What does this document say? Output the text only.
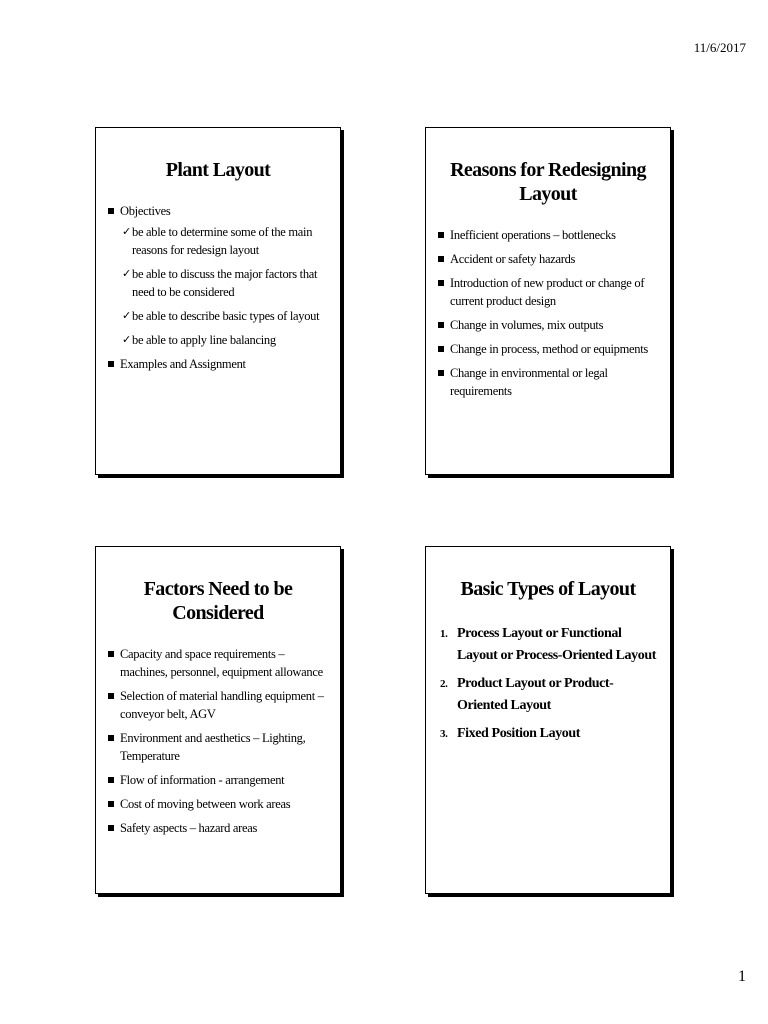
11/6/2017
Plant Layout
Objectives
✓ be able to determine some of the main reasons for redesign layout
✓ be able to discuss the major factors that need to be considered
✓ be able to describe basic types of layout
✓ be able to apply line balancing
Examples and Assignment
Reasons for Redesigning Layout
Inefficient operations – bottlenecks
Accident or safety hazards
Introduction of new product or change of current product design
Change in volumes, mix outputs
Change in process, method or equipments
Change in environmental or legal requirements
Factors Need to be Considered
Capacity and space requirements – machines, personnel, equipment allowance
Selection of material handling equipment – conveyor belt, AGV
Environment and aesthetics – Lighting, Temperature
Flow of information - arrangement
Cost of moving between work areas
Safety aspects – hazard areas
Basic Types of Layout
1. Process Layout or Functional Layout or Process-Oriented Layout
2. Product Layout or Product-Oriented Layout
3. Fixed Position Layout
1
